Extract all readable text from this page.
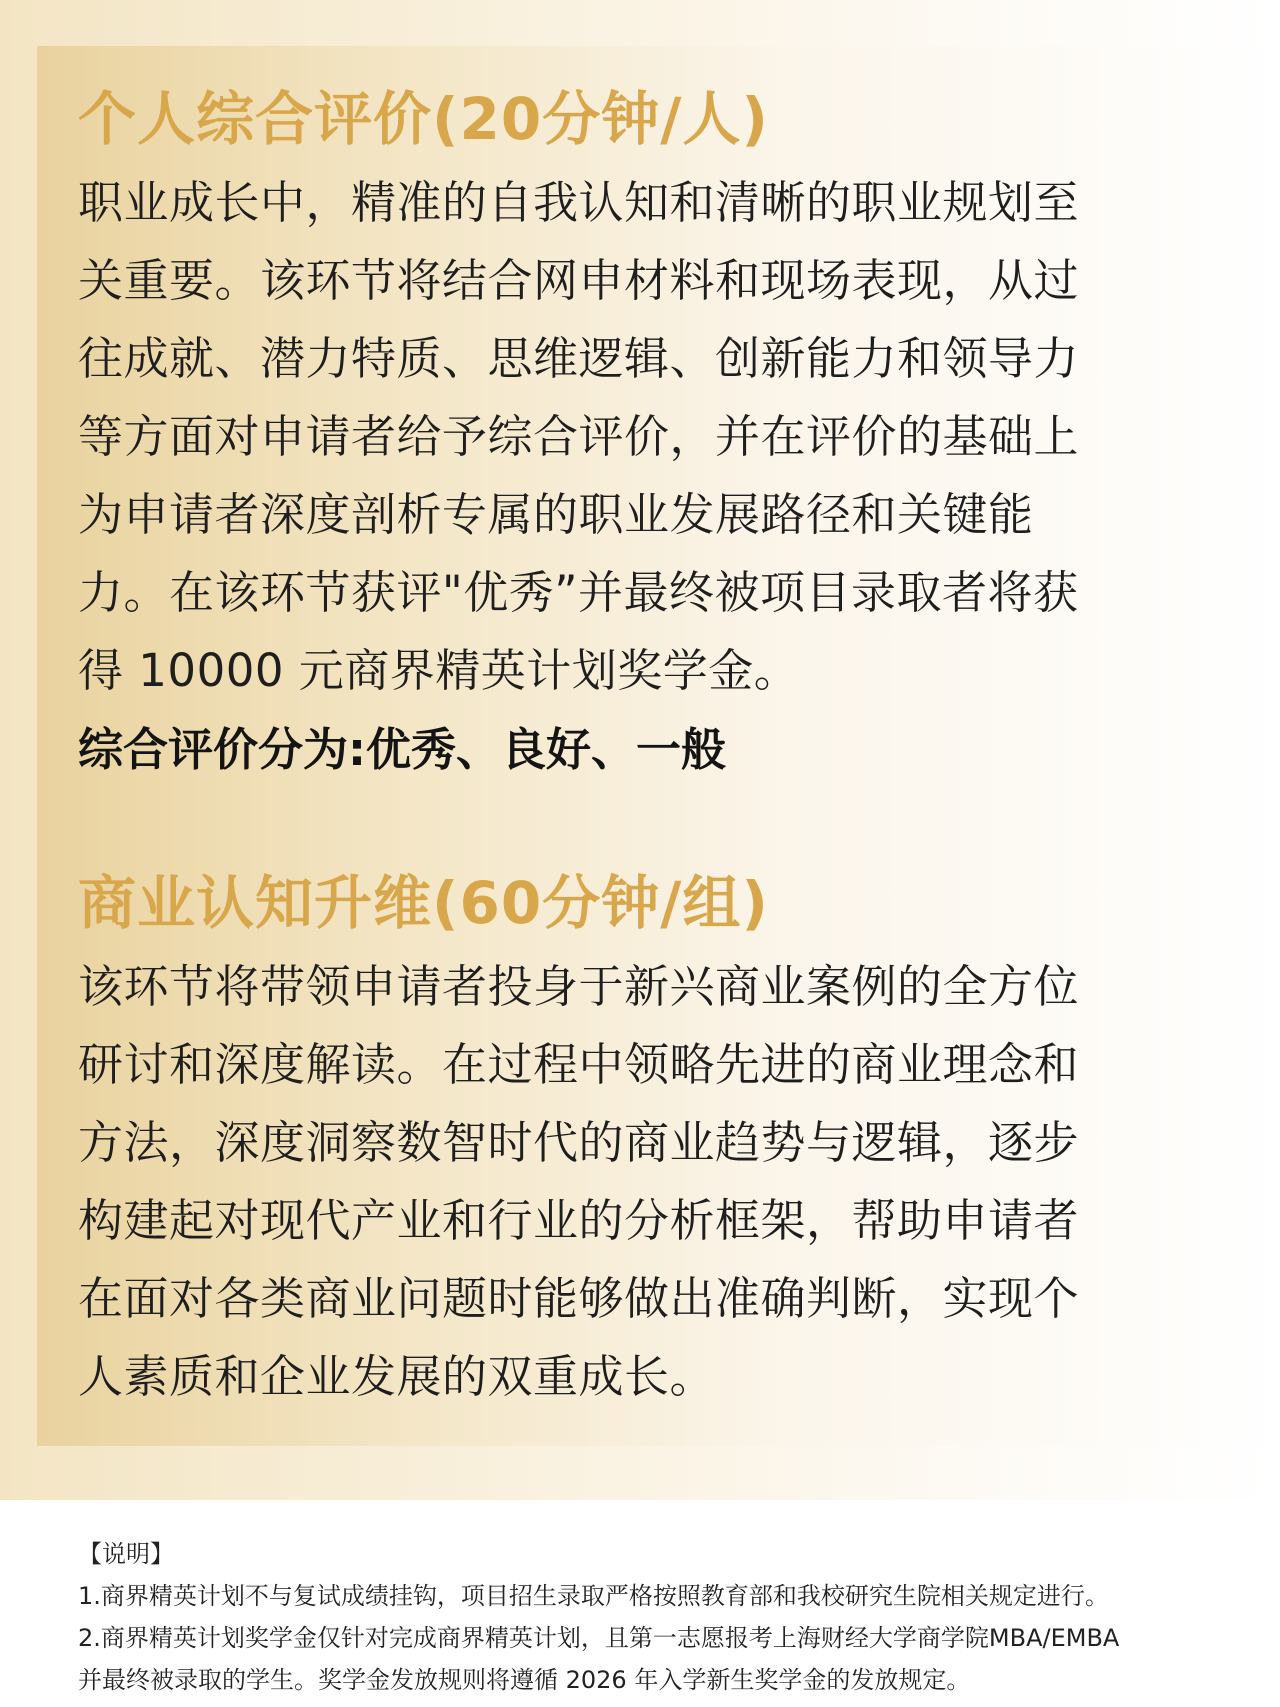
个人综合评价(20分钟/人)
职业成长中，精准的自我认知和清晰的职业规划至
关重要。该环节将结合网申材料和现场表现，从过
往成就、潜力特质、思维逻辑、创新能力和领导力
等方面对申请者给予综合评价，并在评价的基础上
为申请者深度剖析专属的职业发展路径和关键能
力。在该环节获评"优秀”并最终被项目录取者将获
得 10000 元商界精英计划奖学金。
综合评价分为:优秀、良好、一般
商业认知升维(60分钟/组)
该环节将带领申请者投身于新兴商业案例的全方位
研讨和深度解读。在过程中领略先进的商业理念和
方法，深度洞察数智时代的商业趋势与逻辑，逐步
构建起对现代产业和行业的分析框架，帮助申请者
在面对各类商业问题时能够做出准确判断，实现个
人素质和企业发展的双重成长。
【说明】
1.商界精英计划不与复试成绩挂钩，项目招生录取严格按照教育部和我校研究生院相关规定进行。
2.商界精英计划奖学金仅针对完成商界精英计划，且第一志愿报考上海财经大学商学院MBA/EMBA
并最终被录取的学生。奖学金发放规则将遵循 2026 年入学新生奖学金的发放规定。
